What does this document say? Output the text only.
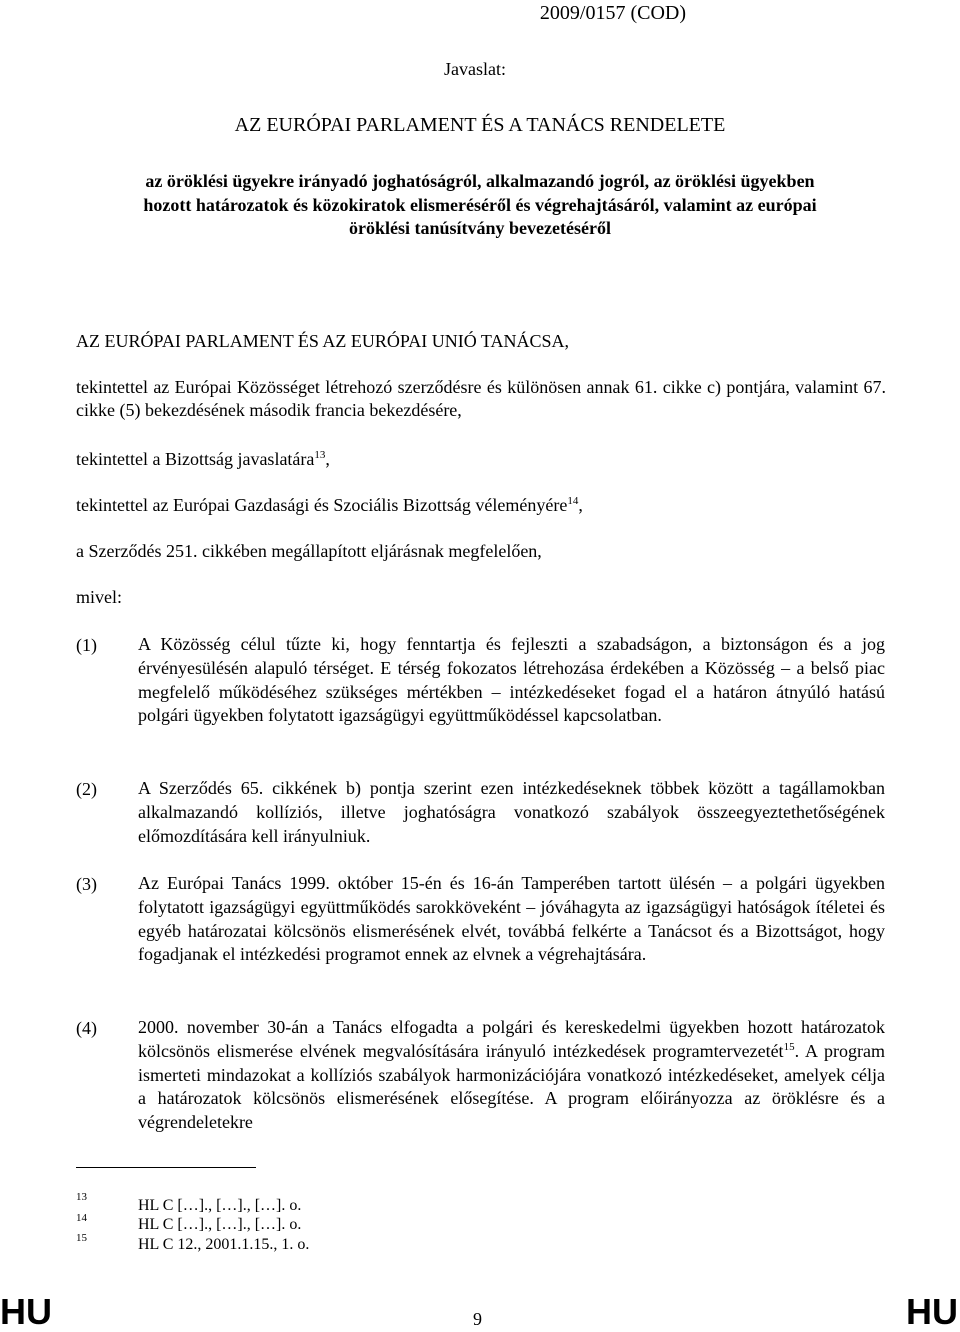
2009/0157 (COD)
Javaslat:
AZ EURÓPAI PARLAMENT ÉS A TANÁCS RENDELETE
az öröklési ügyekre irányadó joghatóságról, alkalmazandó jogról, az öröklési ügyekben
hozott határozatok és közokiratok elismeréséről és végrehajtásáról, valamint az európai
öröklési tanúsítvány bevezetéséről
AZ EURÓPAI PARLAMENT ÉS AZ EURÓPAI UNIÓ TANÁCSA,
tekintettel az Európai Közösséget létrehozó szerződésre és különösen annak 61. cikke c) pontjára, valamint 67. cikke (5) bekezdésének második francia bekezdésére,
tekintettel a Bizottság javaslatára$^{13}$,
tekintettel az Európai Gazdasági és Szociális Bizottság véleményére$^{14}$,
a Szerződés 251. cikkében megállapított eljárásnak megfelelően,
mivel:
(1) A Közösség célul tűzte ki, hogy fenntartja és fejleszti a szabadságon, a biztonságon és a jog érvényesülésén alapuló térséget. E térség fokozatos létrehozása érdekében a Közösség – a belső piac megfelelő működéséhez szükséges mértékben – intézkedéseket fogad el a határon átnyúló hatású polgári ügyekben folytatott igazságügyi együttműködéssel kapcsolatban.
(2) A Szerződés 65. cikkének b) pontja szerint ezen intézkedéseknek többek között a tagállamokban alkalmazandó kollíziós, illetve joghatóságra vonatkozó szabályok összeegyeztethetőségének előmozdítására kell irányulniuk.
(3) Az Európai Tanács 1999. október 15-én és 16-án Tamperében tartott ülésén – a polgári ügyekben folytatott igazságügyi együttműködés sarokköveként – jóváhagyta az igazságügyi hatóságok ítéletei és egyéb határozatai kölcsönös elismerésének elvét, továbbá felkérte a Tanácsot és a Bizottságot, hogy fogadjanak el intézkedési programot ennek az elvnek a végrehajtására.
(4) 2000. november 30-án a Tanács elfogadta a polgári és kereskedelmi ügyekben hozott határozatok kölcsönös elismerése elvének megvalósítására irányuló intézkedések programtervezetét$^{15}$. A program ismerteti mindazokat a kollíziós szabályok harmonizációjára vonatkozó intézkedéseket, amelyek célja a határozatok kölcsönös elismerésének elősegítése. A program előirányozza az öröklésre és a végrendeletekre
13	HL C […]., […]., […]. o.
14	HL C […]., […]., […]. o.
15	HL C 12., 2001.1.15., 1. o.
HU	9	HU
